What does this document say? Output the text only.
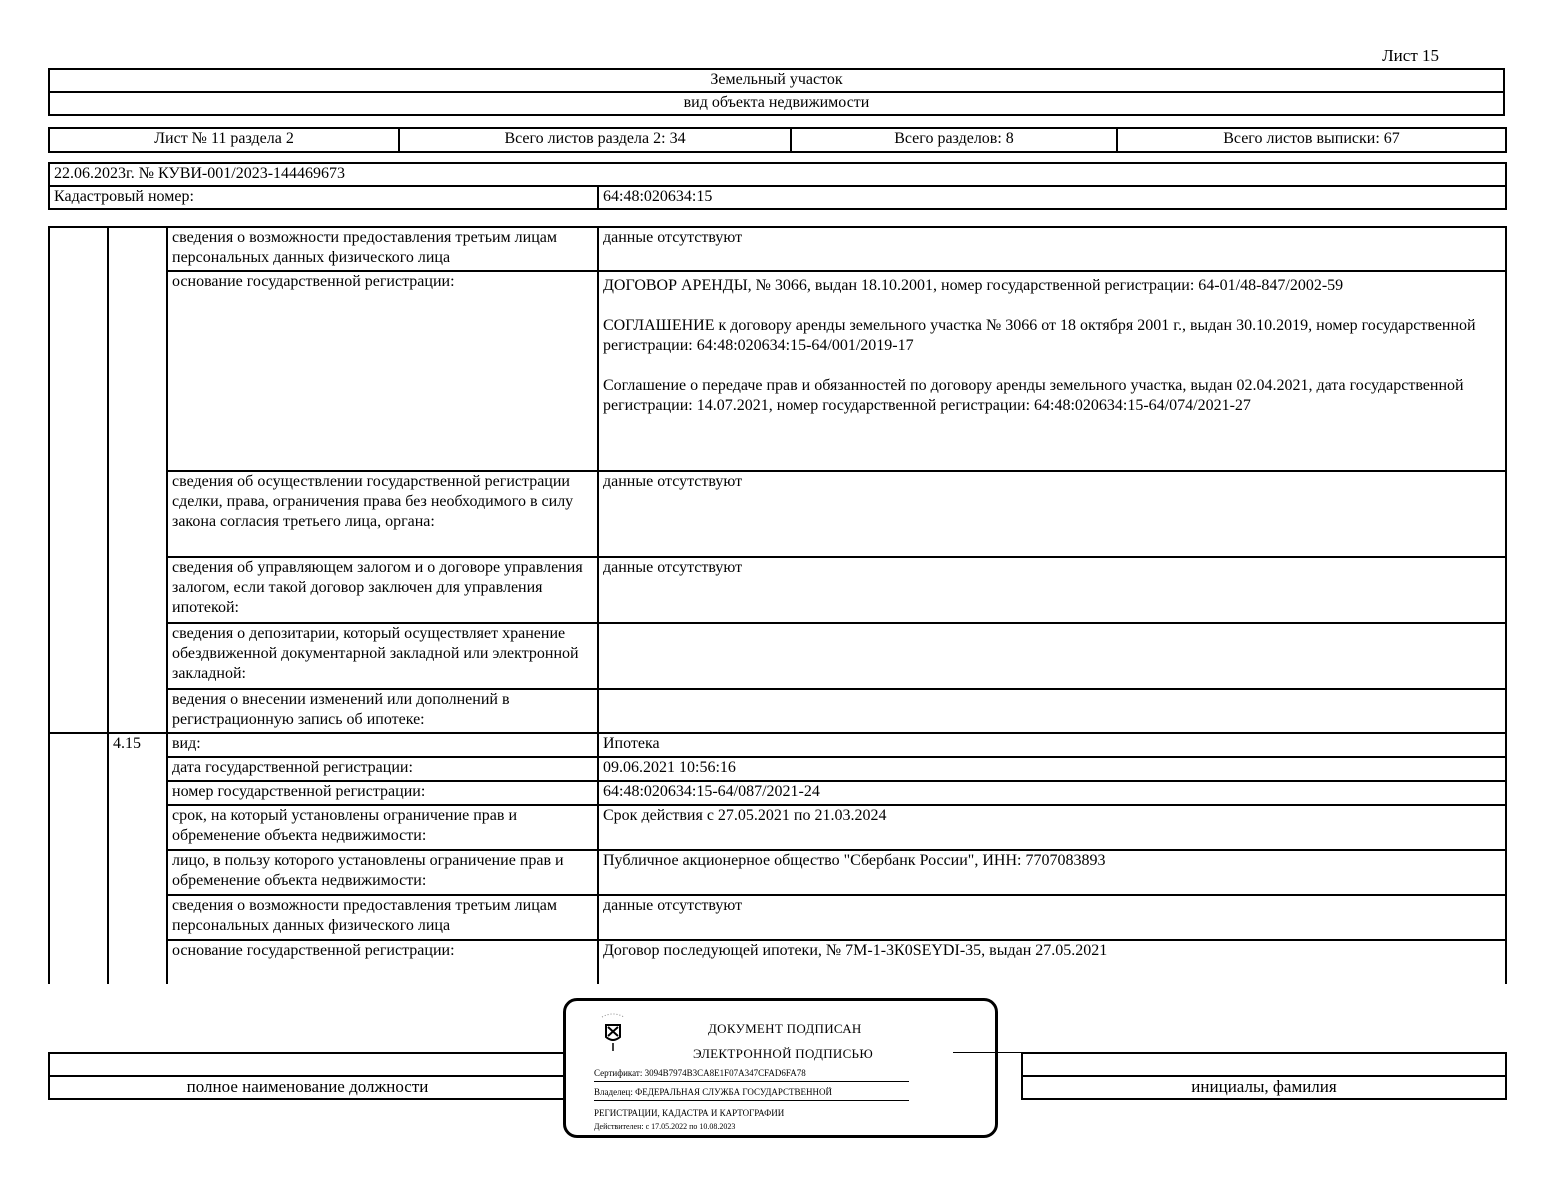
Лист 15
Земельный участок
вид объекта недвижимости
Лист № 11 раздела 2	Всего листов раздела 2: 34	Всего разделов: 8	Всего листов выписки: 67
22.06.2023г. № КУВИ-001/2023-144469673
Кадастровый номер:	64:48:020634:15
		сведения о возможности предоставления третьим лицам персональных данных физического лица	данные отсутствуют
		основание государственной регистрации:	ДОГОВОР АРЕНДЫ, № 3066, выдан 18.10.2001, номер государственной регистрации: 64-01/48-847/2002-59
СОГЛАШЕНИЕ к договору аренды земельного участка № 3066 от 18 октября 2001 г., выдан 30.10.2019, номер государственной регистрации: 64:48:020634:15-64/001/2019-17
Соглашение о передаче прав и обязанностей по договору аренды земельного участка, выдан 02.04.2021, дата государственной регистрации: 14.07.2021, номер государственной регистрации: 64:48:020634:15-64/074/2021-27

		сведения об осуществлении государственной регистрации сделки, права, ограничения права без необходимого в силу закона согласия третьего лица, органа:	данные отсутствуют
		сведения об управляющем залогом и о договоре управления залогом, если такой договор заключен для управления ипотекой:	данные отсутствуют
		сведения о депозитарии, который осуществляет хранение обездвиженной документарной закладной или электронной закладной:	
		ведения о внесении изменений или дополнений в регистрационную запись об ипотеке:	
	4.15	вид:	Ипотека
		дата государственной регистрации:	09.06.2021 10:56:16
		номер государственной регистрации:	64:48:020634:15-64/087/2021-24
		срок, на который установлены ограничение прав и обременение объекта недвижимости:	Срок действия с 27.05.2021 по 21.03.2024
		лицо, в пользу которого установлены ограничение прав и обременение объекта недвижимости:	Публичное акционерное общество "Сбербанк России", ИНН: 7707083893
		сведения о возможности предоставления третьим лицам персональных данных физического лица	данные отсутствуют
		основание государственной регистрации:	Договор последующей ипотеки, № 7М-1-3К0SEYDI-35, выдан 27.05.2021

полное наименование должности		инициалы, фамилия
ДОКУМЕНТ ПОДПИСАН
ЭЛЕКТРОННОЙ ПОДПИСЬЮ
Сертификат: 3094B7974B3CA8E1F07A347CFAD6FA78
Владелец: ФЕДЕРАЛЬНАЯ СЛУЖБА ГОСУДАРСТВЕННОЙ
РЕГИСТРАЦИИ, КАДАСТРА И КАРТОГРАФИИ
Действителен: с 17.05.2022 по 10.08.2023
